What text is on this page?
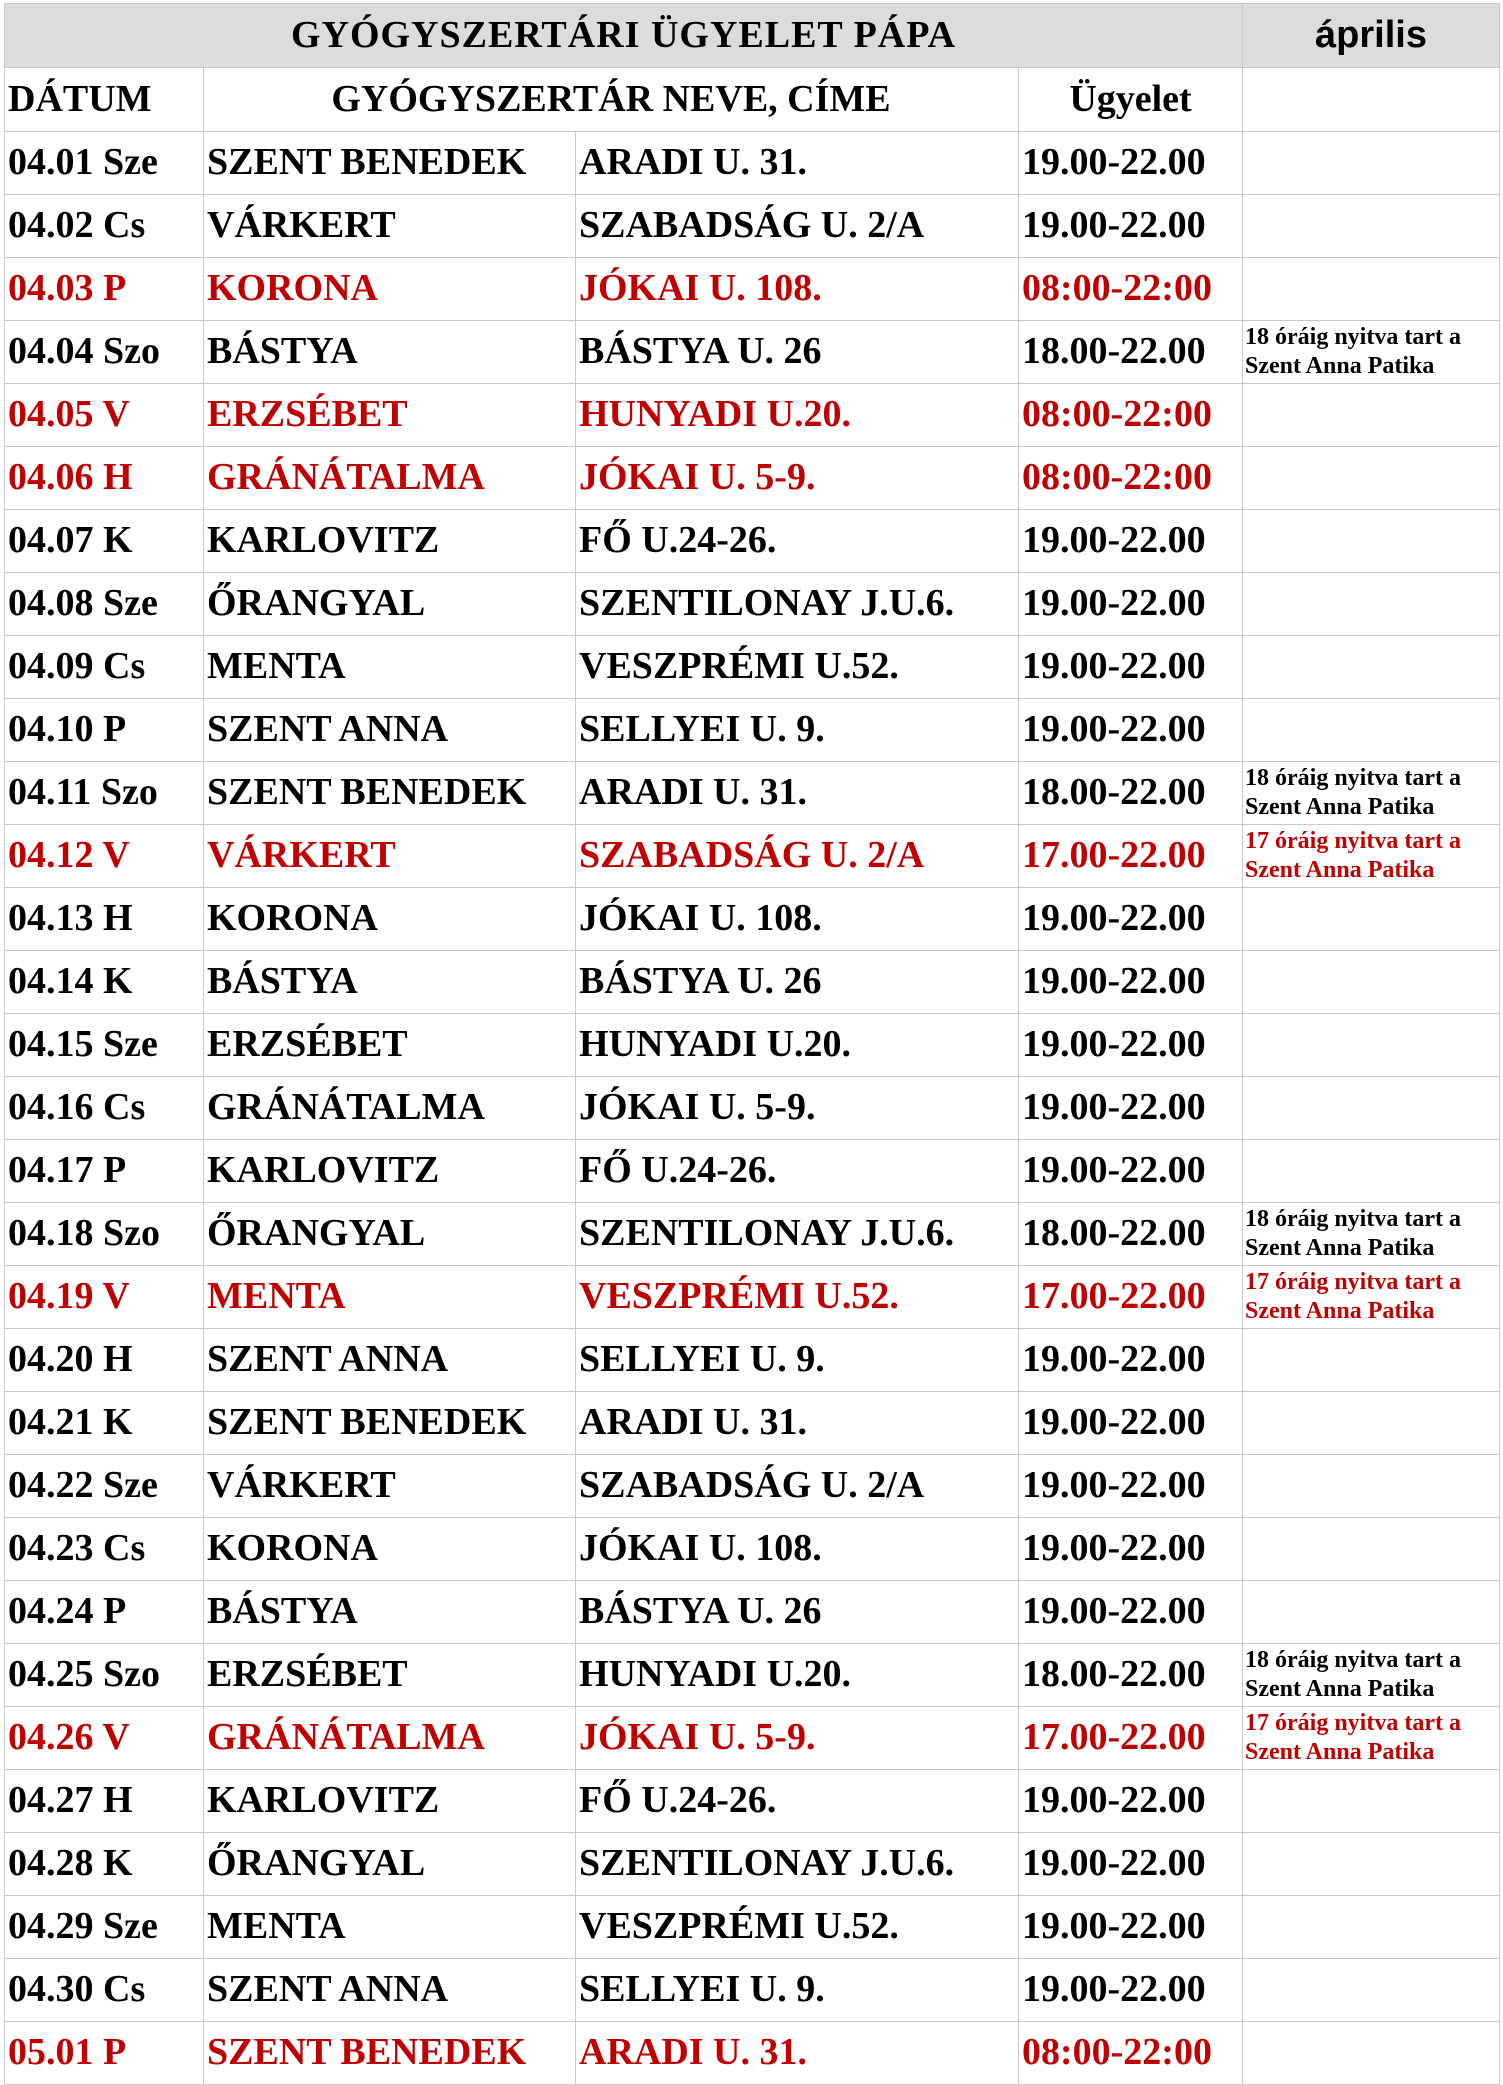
GYÓGYSZERTÁRI ÜGYELET PÁPA				április
DÁTUM	GYÓGYSZERTÁR NEVE, CÍME		Ügyelet	
04.01 Sze	SZENT BENEDEK	ARADI U. 31.	19.00-22.00	
04.02 Cs	VÁRKERT	SZABADSÁG U. 2/A	19.00-22.00	
04.03 P	KORONA	JÓKAI U. 108.	08:00-22:00	
04.04 Szo	BÁSTYA	BÁSTYA U. 26	18.00-22.00	18 óráig nyitva tart a Szent Anna Patika
04.05 V	ERZSÉBET	HUNYADI U.20.	08:00-22:00	
04.06 H	GRÁNÁTALMA	JÓKAI U. 5-9.	08:00-22:00	
04.07 K	KARLOVITZ	FŐ U.24-26.	19.00-22.00	
04.08 Sze	ŐRANGYAL	SZENTILONAY J.U.6.	19.00-22.00	
04.09 Cs	MENTA	VESZPRÉMI U.52.	19.00-22.00	
04.10 P	SZENT ANNA	SELLYEI U. 9.	19.00-22.00	
04.11 Szo	SZENT BENEDEK	ARADI U. 31.	18.00-22.00	18 óráig nyitva tart a Szent Anna Patika
04.12 V	VÁRKERT	SZABADSÁG U. 2/A	17.00-22.00	17 óráig nyitva tart a Szent Anna Patika
04.13 H	KORONA	JÓKAI U. 108.	19.00-22.00	
04.14 K	BÁSTYA	BÁSTYA U. 26	19.00-22.00	
04.15 Sze	ERZSÉBET	HUNYADI U.20.	19.00-22.00	
04.16 Cs	GRÁNÁTALMA	JÓKAI U. 5-9.	19.00-22.00	
04.17 P	KARLOVITZ	FŐ U.24-26.	19.00-22.00	
04.18 Szo	ŐRANGYAL	SZENTILONAY J.U.6.	18.00-22.00	18 óráig nyitva tart a Szent Anna Patika
04.19 V	MENTA	VESZPRÉMI U.52.	17.00-22.00	17 óráig nyitva tart a Szent Anna Patika
04.20 H	SZENT ANNA	SELLYEI U. 9.	19.00-22.00	
04.21 K	SZENT BENEDEK	ARADI U. 31.	19.00-22.00	
04.22 Sze	VÁRKERT	SZABADSÁG U. 2/A	19.00-22.00	
04.23 Cs	KORONA	JÓKAI U. 108.	19.00-22.00	
04.24 P	BÁSTYA	BÁSTYA U. 26	19.00-22.00	
04.25 Szo	ERZSÉBET	HUNYADI U.20.	18.00-22.00	18 óráig nyitva tart a Szent Anna Patika
04.26 V	GRÁNÁTALMA	JÓKAI U. 5-9.	17.00-22.00	17 óráig nyitva tart a Szent Anna Patika
04.27 H	KARLOVITZ	FŐ U.24-26.	19.00-22.00	
04.28 K	ŐRANGYAL	SZENTILONAY J.U.6.	19.00-22.00	
04.29 Sze	MENTA	VESZPRÉMI U.52.	19.00-22.00	
04.30 Cs	SZENT ANNA	SELLYEI U. 9.	19.00-22.00	
05.01 P	SZENT BENEDEK	ARADI U. 31.	08:00-22:00	
